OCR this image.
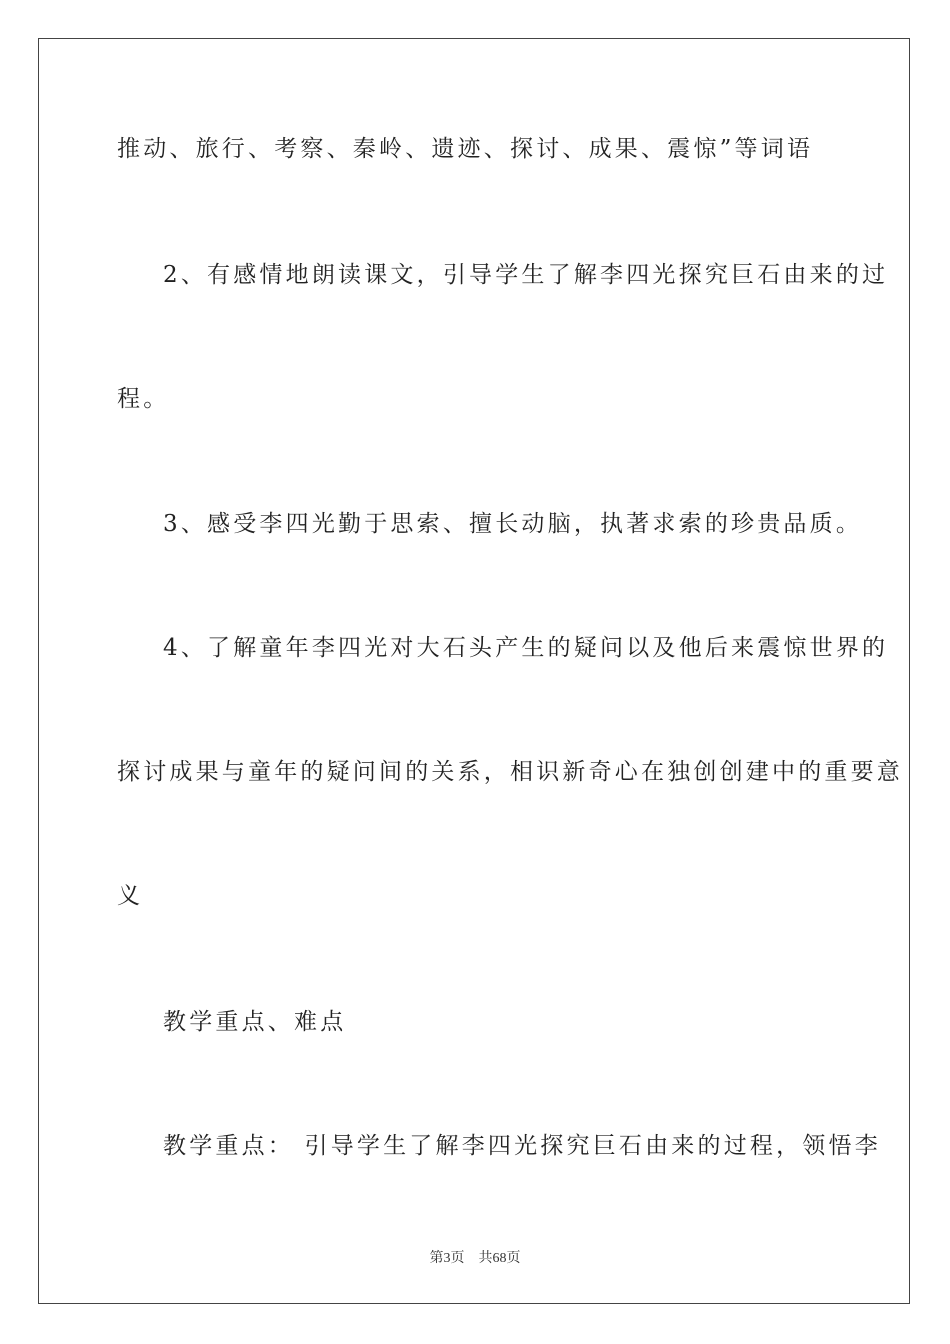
推动、旅行、考察、秦岭、遗迹、探讨、成果、震惊”等词语
2、有感情地朗读课文，引导学生了解李四光探究巨石由来的过
程。
3、感受李四光勤于思索、擅长动脑，执著求索的珍贵品质。
4、了解童年李四光对大石头产生的疑问以及他后来震惊世界的
探讨成果与童年的疑问间的关系，相识新奇心在独创创建中的重要意
义
教学重点、难点
教学重点： 引导学生了解李四光探究巨石由来的过程，领悟李
第3页　共68页
